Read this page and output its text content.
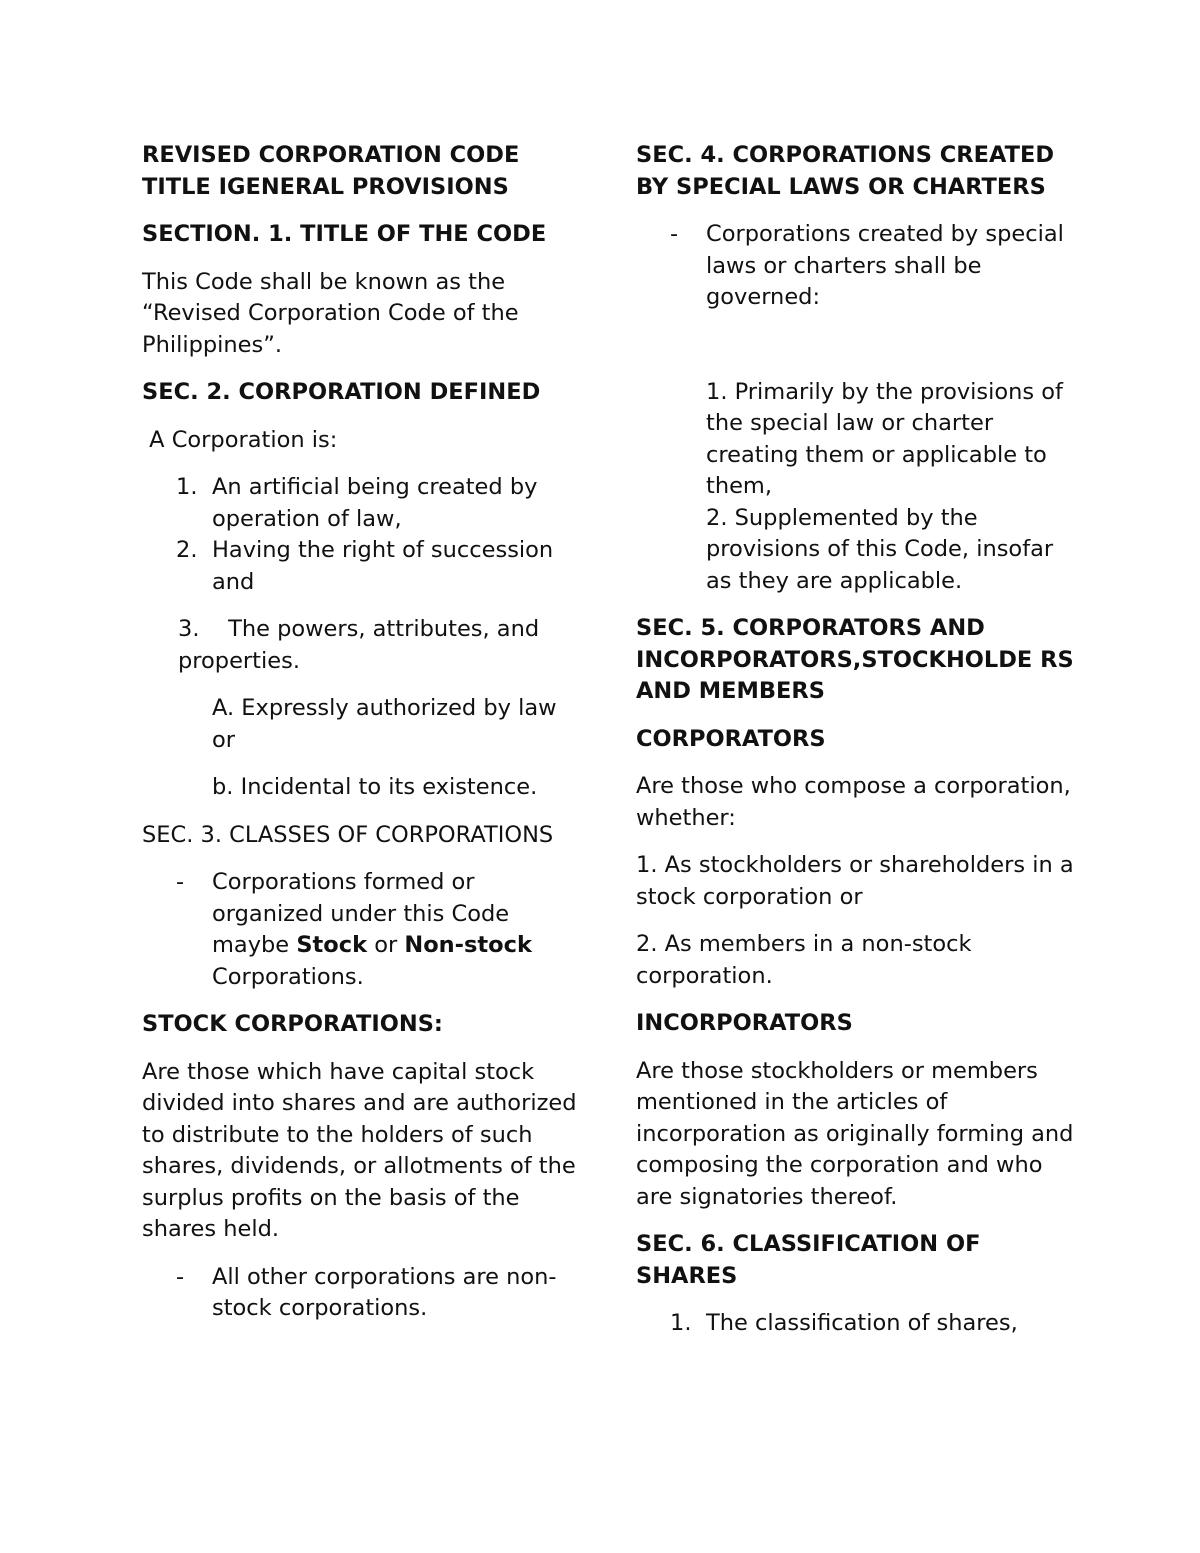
REVISED CORPORATION CODE

TITLE IGENERAL PROVISIONS

SECTION. 1. TITLE OF THE CODE

This Code shall be known as the “Revised Corporation Code of the Philippines”.

SEC. 2. CORPORATION DEFINED

A Corporation is:

1. An artificial being created by operation of law,

2. Having the right of succession and

3.    The powers, attributes, and properties.

A. Expressly authorized by law or

b. Incidental to its existence.

SEC. 3. CLASSES OF CORPORATIONS

- Corporations formed or organized under this Code maybe Stock or Non-stock Corporations.

STOCK CORPORATIONS:

Are those which have capital stock divided into shares and are authorized to distribute to the holders of such shares, dividends, or allotments of the surplus profits on the basis of the shares held.

- All other corporations are non-stock corporations.

SEC. 4. CORPORATIONS CREATED BY SPECIAL LAWS OR CHARTERS

- Corporations created by special laws or charters shall be governed:

1. Primarily by the provisions of the special law or charter creating them or applicable to them,

2. Supplemented by the provisions of this Code, insofar as they are applicable.

SEC. 5. CORPORATORS AND INCORPORATORS,STOCKHOLDE RS AND MEMBERS

CORPORATORS

Are those who compose a corporation, whether:

1. As stockholders or shareholders in a stock corporation or

2. As members in a non-stock corporation.

INCORPORATORS

Are those stockholders or members mentioned in the articles of incorporation as originally forming and composing the corporation and who are signatories thereof.

SEC. 6. CLASSIFICATION OF SHARES

1. The classification of shares,
